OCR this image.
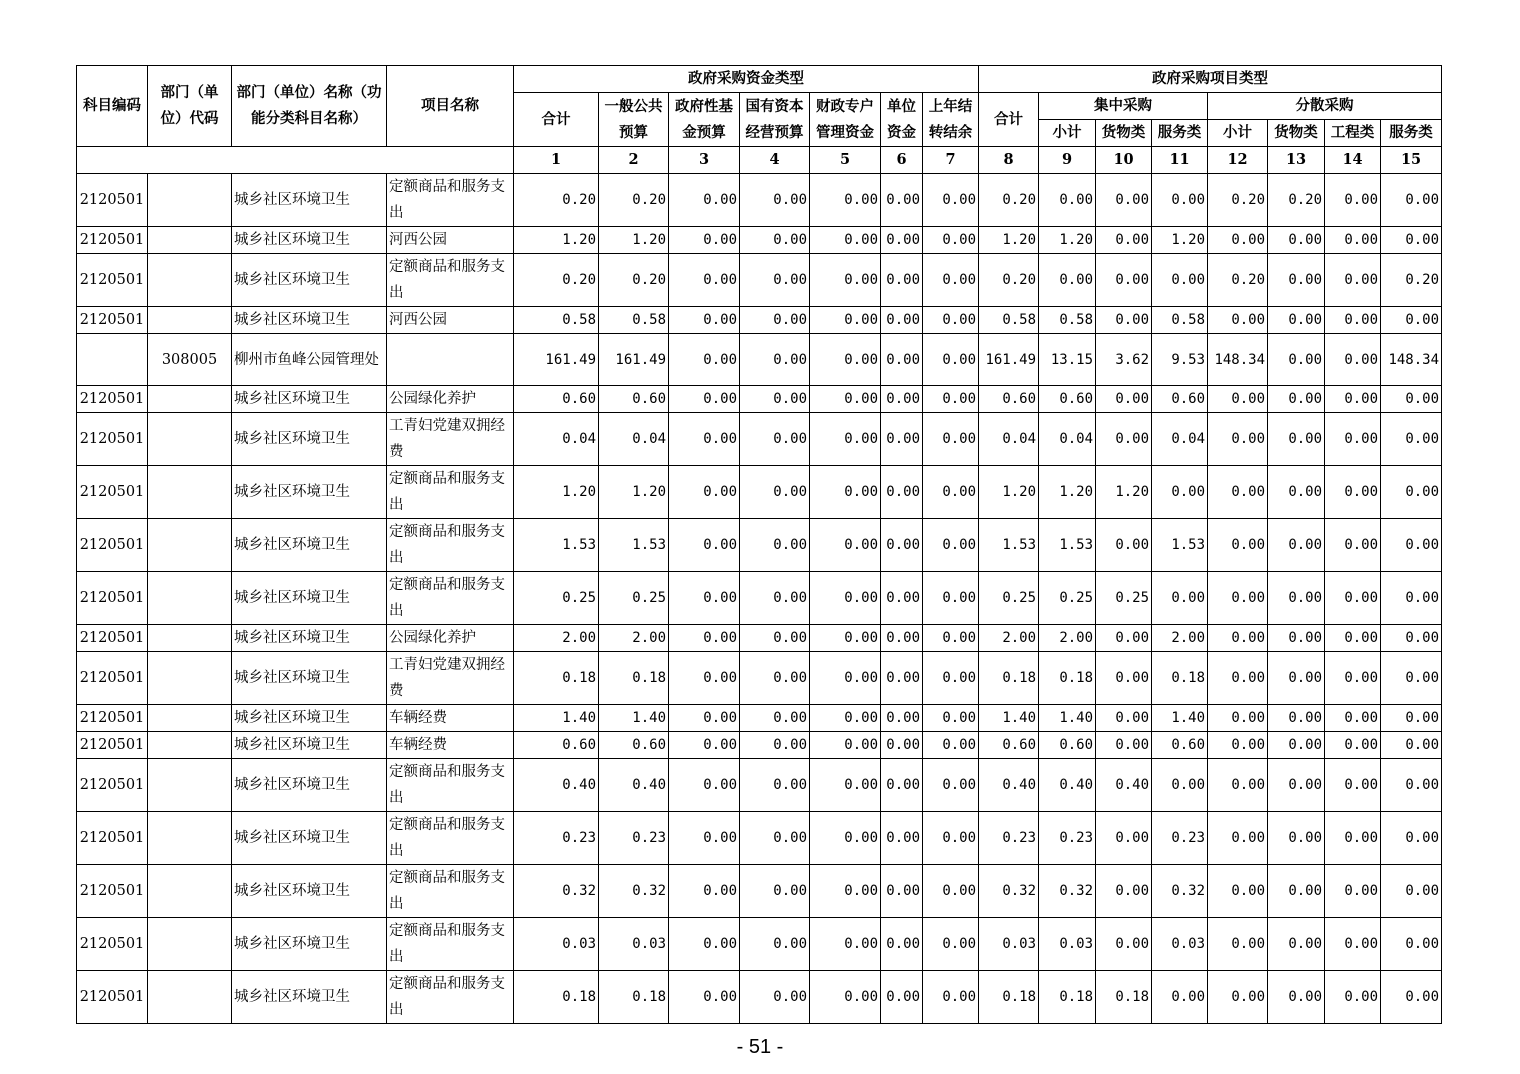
科目编码	部门（单位）代码	部门（单位）名称（功能分类科目名称）	项目名称	政府采购资金类型							政府采购项目类型							
				合计	一般公共预算	政府性基金预算	国有资本经营预算	财政专户管理资金	单位资金	上年结转结余	合计	集中采购			分散采购			
												小计	货物类	服务类	小计	货物类	工程类	服务类
				1	2	3	4	5	6	7	8	9	10	11	12	13	14	15
2120501		城乡社区环境卫生	定额商品和服务支出	0.20	0.20	0.00	0.00	0.00	0.00	0.00	0.20	0.00	0.00	0.00	0.20	0.20	0.00	0.00
2120501		城乡社区环境卫生	河西公园	1.20	1.20	0.00	0.00	0.00	0.00	0.00	1.20	1.20	0.00	1.20	0.00	0.00	0.00	0.00
2120501		城乡社区环境卫生	定额商品和服务支出	0.20	0.20	0.00	0.00	0.00	0.00	0.00	0.20	0.00	0.00	0.00	0.20	0.00	0.00	0.20
2120501		城乡社区环境卫生	河西公园	0.58	0.58	0.00	0.00	0.00	0.00	0.00	0.58	0.58	0.00	0.58	0.00	0.00	0.00	0.00
	308005	柳州市鱼峰公园管理处		161.49	161.49	0.00	0.00	0.00	0.00	0.00	161.49	13.15	3.62	9.53	148.34	0.00	0.00	148.34
2120501		城乡社区环境卫生	公园绿化养护	0.60	0.60	0.00	0.00	0.00	0.00	0.00	0.60	0.60	0.00	0.60	0.00	0.00	0.00	0.00
2120501		城乡社区环境卫生	工青妇党建双拥经费	0.04	0.04	0.00	0.00	0.00	0.00	0.00	0.04	0.04	0.00	0.04	0.00	0.00	0.00	0.00
2120501		城乡社区环境卫生	定额商品和服务支出	1.20	1.20	0.00	0.00	0.00	0.00	0.00	1.20	1.20	1.20	0.00	0.00	0.00	0.00	0.00
2120501		城乡社区环境卫生	定额商品和服务支出	1.53	1.53	0.00	0.00	0.00	0.00	0.00	1.53	1.53	0.00	1.53	0.00	0.00	0.00	0.00
2120501		城乡社区环境卫生	定额商品和服务支出	0.25	0.25	0.00	0.00	0.00	0.00	0.00	0.25	0.25	0.25	0.00	0.00	0.00	0.00	0.00
2120501		城乡社区环境卫生	公园绿化养护	2.00	2.00	0.00	0.00	0.00	0.00	0.00	2.00	2.00	0.00	2.00	0.00	0.00	0.00	0.00
2120501		城乡社区环境卫生	工青妇党建双拥经费	0.18	0.18	0.00	0.00	0.00	0.00	0.00	0.18	0.18	0.00	0.18	0.00	0.00	0.00	0.00
2120501		城乡社区环境卫生	车辆经费	1.40	1.40	0.00	0.00	0.00	0.00	0.00	1.40	1.40	0.00	1.40	0.00	0.00	0.00	0.00
2120501		城乡社区环境卫生	车辆经费	0.60	0.60	0.00	0.00	0.00	0.00	0.00	0.60	0.60	0.00	0.60	0.00	0.00	0.00	0.00
2120501		城乡社区环境卫生	定额商品和服务支出	0.40	0.40	0.00	0.00	0.00	0.00	0.00	0.40	0.40	0.40	0.00	0.00	0.00	0.00	0.00
2120501		城乡社区环境卫生	定额商品和服务支出	0.23	0.23	0.00	0.00	0.00	0.00	0.00	0.23	0.23	0.00	0.23	0.00	0.00	0.00	0.00
2120501		城乡社区环境卫生	定额商品和服务支出	0.32	0.32	0.00	0.00	0.00	0.00	0.00	0.32	0.32	0.00	0.32	0.00	0.00	0.00	0.00
2120501		城乡社区环境卫生	定额商品和服务支出	0.03	0.03	0.00	0.00	0.00	0.00	0.00	0.03	0.03	0.00	0.03	0.00	0.00	0.00	0.00
2120501		城乡社区环境卫生	定额商品和服务支出	0.18	0.18	0.00	0.00	0.00	0.00	0.00	0.18	0.18	0.18	0.00	0.00	0.00	0.00	0.00
- 51 -
